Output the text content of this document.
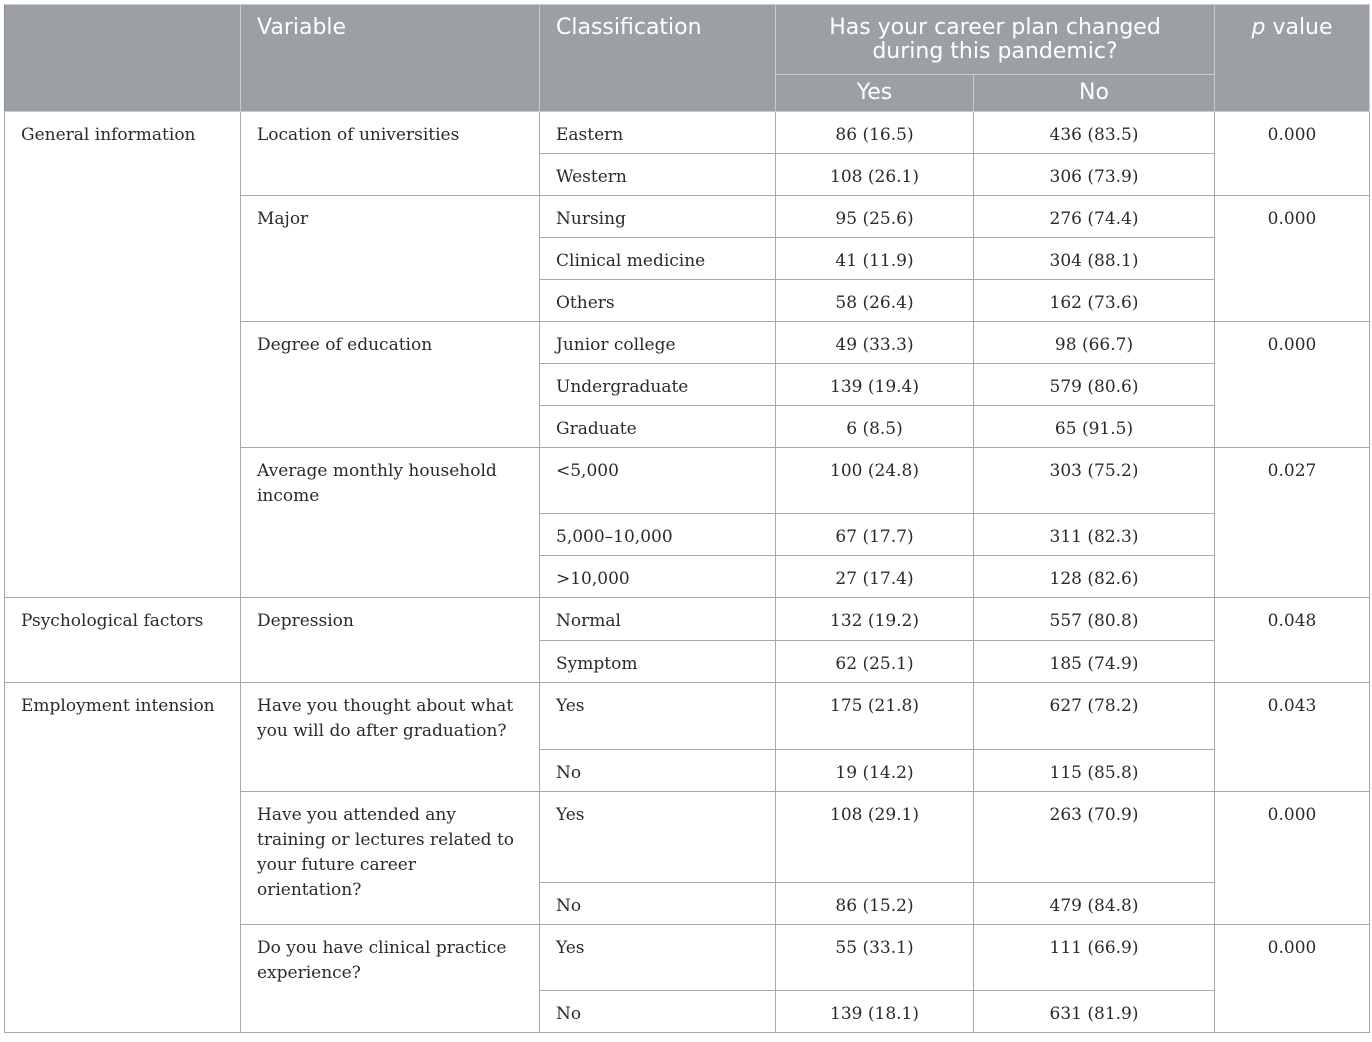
	Variable	Classification	Has your career plan changed during this pandemic?		p value
			Yes	No	
General information	Location of universities	Eastern	86 (16.5)	436 (83.5)	0.000
		Western	108 (26.1)	306 (73.9)	
	Major	Nursing	95 (25.6)	276 (74.4)	0.000
		Clinical medicine	41 (11.9)	304 (88.1)	
		Others	58 (26.4)	162 (73.6)	
	Degree of education	Junior college	49 (33.3)	98 (66.7)	0.000
		Undergraduate	139 (19.4)	579 (80.6)	
		Graduate	6 (8.5)	65 (91.5)	
	Average monthly household income	<5,000	100 (24.8)	303 (75.2)	0.027
		5,000–10,000	67 (17.7)	311 (82.3)	
		>10,000	27 (17.4)	128 (82.6)	
Psychological factors	Depression	Normal	132 (19.2)	557 (80.8)	0.048
		Symptom	62 (25.1)	185 (74.9)	
Employment intension	Have you thought about what you will do after graduation?	Yes	175 (21.8)	627 (78.2)	0.043
		No	19 (14.2)	115 (85.8)	
	Have you attended any training or lectures related to your future career orientation?	Yes	108 (29.1)	263 (70.9)	0.000
		No	86 (15.2)	479 (84.8)	
	Do you have clinical practice experience?	Yes	55 (33.1)	111 (66.9)	0.000
		No	139 (18.1)	631 (81.9)	
